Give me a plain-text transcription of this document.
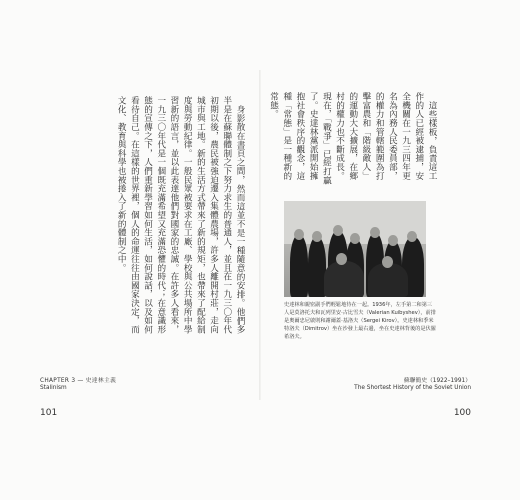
身影散在書頁之間，然而這並不是一種隨意的安排。他們多半是在蘇聯體制之下努力求生的普通人，並且在一九三〇年代初期以後，農民被強迫遷入集體農場，許多人離開村莊，走向城市與工地。新的生活方式帶來了新的規矩，也帶來了配給制度與勞動紀律。一般民眾被要求在工廠、學校與公共場所中學習新的語言，並以此表達他們對國家的忠誠。在許多人看來，一九三〇年代是一個既充滿希望又充滿恐懼的時代；在意識形態的宣傳之下，人們重新學習如何生活，如何說話，以及如何看待自己。在這樣的世界裡，個人的命運往往由國家決定，而文化、教育與科學也被捲入了新的體制之中。

CHAPTER 3 — 史達林主義
Stalinism
101

這些樣板，負責這工作的人已經被逮捕，安全機關在一九三四年更名為內務人民委員部，的權力和管轄範圍為打擊富農和「階級敵人」的運動大大擴展，在鄉村的權力也不斷成長。現在，「戰爭」已經打贏了。史達林黨派開始擁抱社會秩序的觀念，這種「常態」是一種新的常態。

史達林和親密副手們輕鬆地待在一起。1936年，左手第二和第三人是莫洛托夫和瓦列里安·古比雪夫（Valerian Kuibyshev），前排是奧爾忠尼啟則和謝爾蓋·基洛夫（Sergei Kirov）。史達林和季米特洛夫（Dimitrov）坐在沙發上最右邊，坐在史達林背後的是伏羅希洛夫。
蘇聯簡史（1922–1991）
The Shortest History of the Soviet Union
100
